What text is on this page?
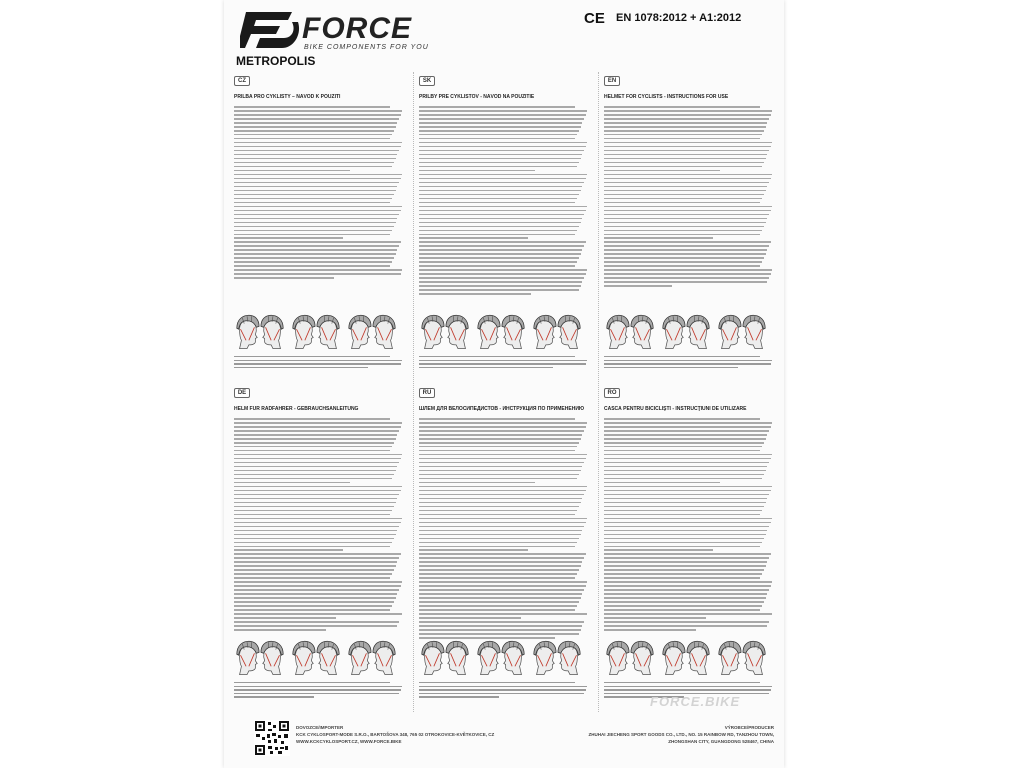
FORCE
BIKE COMPONENTS FOR YOU
CE EN 1078:2012 + A1:2012
METROPOLIS
CZ
PŘILBA PRO CYKLISTY – NÁVOD K POUŽITÍ
SK
PRILBY PRE CYKLISTOV - NÁVOD NA POUŽITIE
EN
HELMET FOR CYCLISTS - INSTRUCTIONS FOR USE
DE
HELM FÜR RADFAHRER - GEBRAUCHSANLEITUNG
RU
ШЛЕМ ДЛЯ ВЕЛОСИПЕДИСТОВ - ИНСТРУКЦИЯ ПО ПРИМЕНЕНИЮ
RO
CASCĂ PENTRU BICICLIŞTI - INSTRUCŢIUNI DE UTILIZARE
FORCE.BIKE
DOVOZCE/IMPORTER
KCK CYKLOSPORT-MODE S.R.O., BARTOŠOVA 348, 765 02 OTROKOVICE-KVĚTKOVICE, CZ
WWW.KCKCYKLOSPORT.CZ, WWW.FORCE.BIKE
VÝROBCE/PRODUCER
ZHUHAI JIECHENG SPORT GOODS CO., LTD., NO. 15 RAINBOW RD, TANZHOU TOWN,
ZHONGSHAN CITY, GUANGDONG 528467, CHINA
